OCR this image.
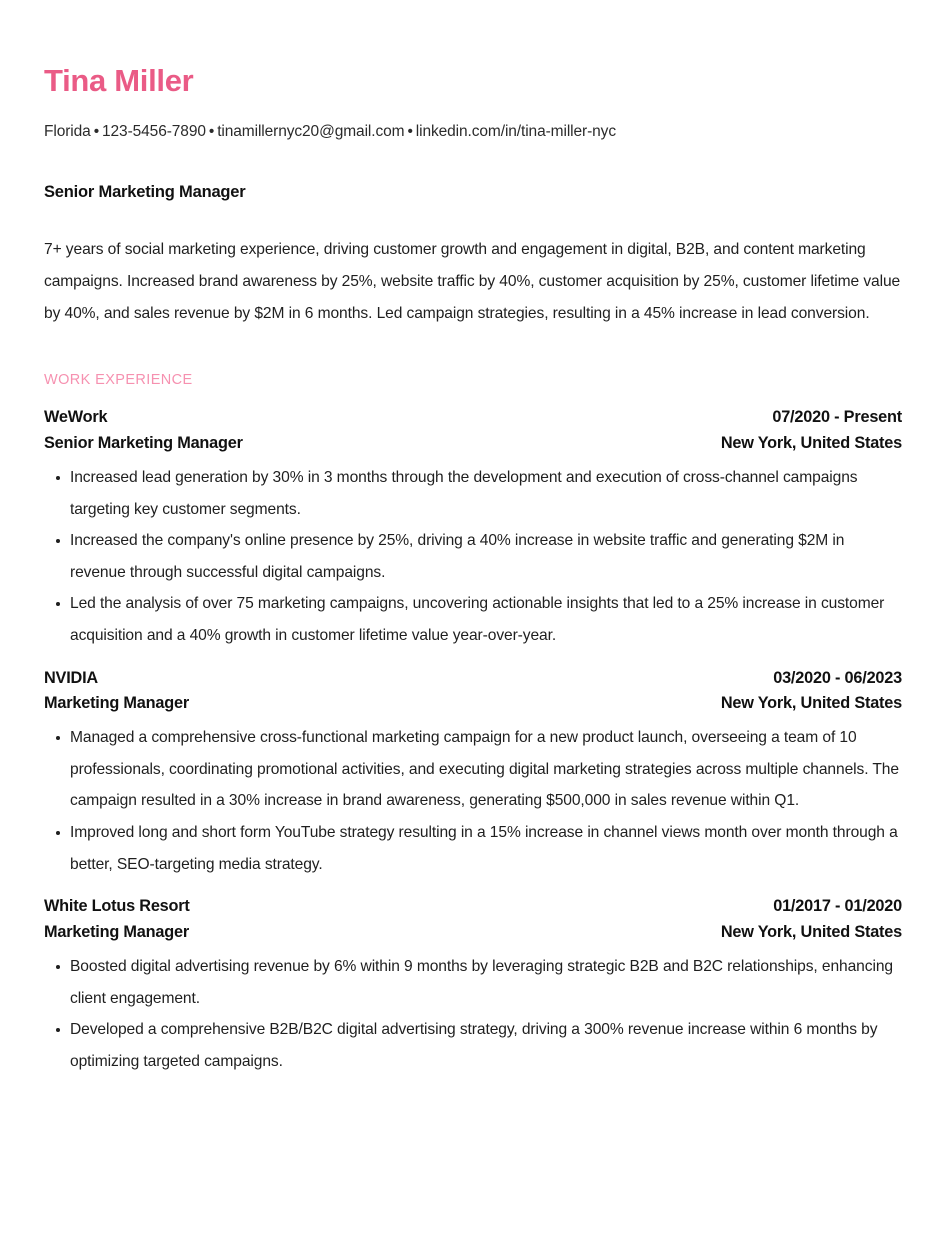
Tina Miller
Florida • 123-5456-7890 • tinamillernyc20@gmail.com • linkedin.com/in/tina-miller-nyc
Senior Marketing Manager

7+ years of social marketing experience, driving customer growth and engagement in digital, B2B, and content marketing campaigns. Increased brand awareness by 25%, website traffic by 40%, customer acquisition by 25%, customer lifetime value by 40%, and sales revenue by $2M in 6 months. Led campaign strategies, resulting in a 45% increase in lead conversion.

WORK EXPERIENCE
WeWork
Senior Marketing Manager
07/2020 - Present
New York, United States
Increased lead generation by 30% in 3 months through the development and execution of cross-channel campaigns targeting key customer segments.
Increased the company's online presence by 25%, driving a 40% increase in website traffic and generating $2M in revenue through successful digital campaigns.
Led the analysis of over 75 marketing campaigns, uncovering actionable insights that led to a 25% increase in customer acquisition and a 40% growth in customer lifetime value year-over-year.
NVIDIA
Marketing Manager
03/2020 - 06/2023
New York, United States
Managed a comprehensive cross-functional marketing campaign for a new product launch, overseeing a team of 10 professionals, coordinating promotional activities, and executing digital marketing strategies across multiple channels. The campaign resulted in a 30% increase in brand awareness, generating $500,000 in sales revenue within Q1.
Improved long and short form YouTube strategy resulting in a 15% increase in channel views month over month through a better, SEO-targeting media strategy.
White Lotus Resort
Marketing Manager
01/2017 - 01/2020
New York, United States
Boosted digital advertising revenue by 6% within 9 months by leveraging strategic B2B and B2C relationships, enhancing client engagement.
Developed a comprehensive B2B/B2C digital advertising strategy, driving a 300% revenue increase within 6 months by optimizing targeted campaigns.
